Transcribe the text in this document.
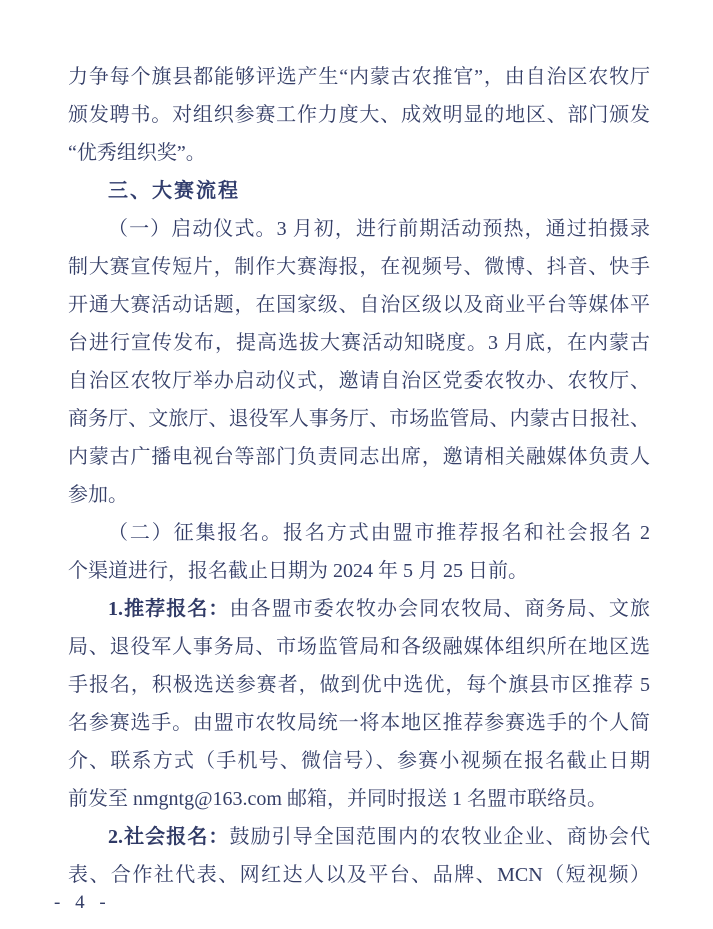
力争每个旗县都能够评选产生“内蒙古农推官”，由自治区农牧厅
颁发聘书。对组织参赛工作力度大、成效明显的地区、部门颁发
“优秀组织奖”。
三、大赛流程
（一）启动仪式。3 月初，进行前期活动预热，通过拍摄录
制大赛宣传短片，制作大赛海报，在视频号、微博、抖音、快手
开通大赛活动话题，在国家级、自治区级以及商业平台等媒体平
台进行宣传发布，提高选拔大赛活动知晓度。3 月底，在内蒙古
自治区农牧厅举办启动仪式，邀请自治区党委农牧办、农牧厅、
商务厅、文旅厅、退役军人事务厅、市场监管局、内蒙古日报社、
内蒙古广播电视台等部门负责同志出席，邀请相关融媒体负责人
参加。
（二）征集报名。报名方式由盟市推荐报名和社会报名 2
个渠道进行，报名截止日期为 2024 年 5 月 25 日前。
1.推荐报名：由各盟市委农牧办会同农牧局、商务局、文旅
局、退役军人事务局、市场监管局和各级融媒体组织所在地区选
手报名，积极选送参赛者，做到优中选优，每个旗县市区推荐 5
名参赛选手。由盟市农牧局统一将本地区推荐参赛选手的个人简
介、联系方式（手机号、微信号）、参赛小视频在报名截止日期
前发至 nmgntg@163.com 邮箱，并同时报送 1 名盟市联络员。
2.社会报名：鼓励引导全国范围内的农牧业企业、商协会代
表、合作社代表、网红达人以及平台、品牌、MCN（短视频）
- 4 -
